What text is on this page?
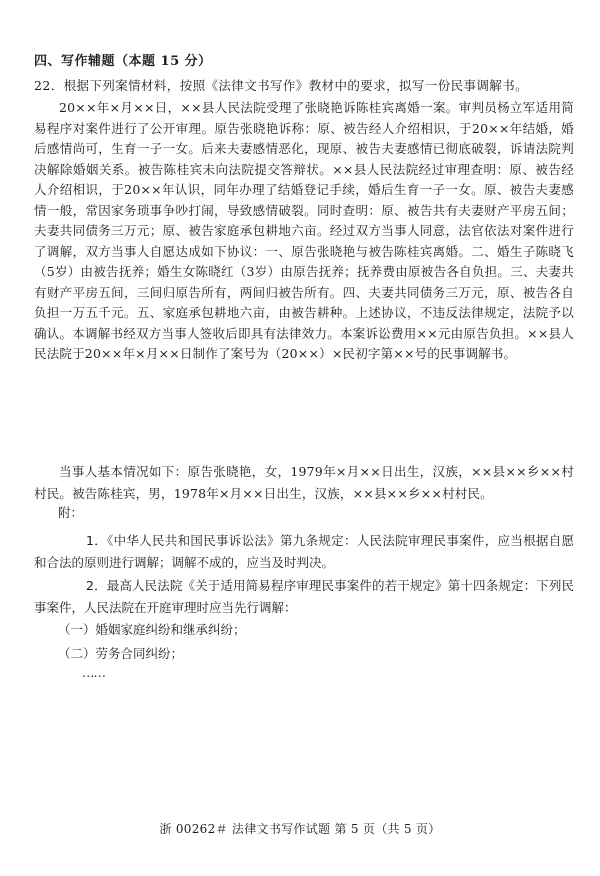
四、写作辅题（本题 15 分）
22．根据下列案情材料，按照《法律文书写作》教材中的要求，拟写一份民事调解书。
20××年×月××日，××县人民法院受理了张晓艳诉陈桂宾离婚一案。审判员杨立军适用简易程序对案件进行了公开审理。原告张晓艳诉称：原、被告经人介绍相识，于20××年结婚，婚后感情尚可，生育一子一女。后来夫妻感情恶化，现原、被告夫妻感情已彻底破裂，诉请法院判决解除婚姻关系。被告陈桂宾未向法院提交答辩状。××县人民法院经过审理查明：原、被告经人介绍相识，于20××年认识，同年办理了结婚登记手续，婚后生育一子一女。原、被告夫妻感情一般，常因家务琐事争吵打闹，导致感情破裂。同时查明：原、被告共有夫妻财产平房五间；夫妻共同债务三万元；原、被告家庭承包耕地六亩。经过双方当事人同意，法官依法对案件进行了调解，双方当事人自愿达成如下协议：一、原告张晓艳与被告陈桂宾离婚。二、婚生子陈晓飞（5岁）由被告抚养；婚生女陈晓红（3岁）由原告抚养；抚养费由原被告各自负担。三、夫妻共有财产平房五间，三间归原告所有，两间归被告所有。四、夫妻共同债务三万元，原、被告各自负担一万五千元。五、家庭承包耕地六亩，由被告耕种。上述协议，不违反法律规定，法院予以确认。本调解书经双方当事人签收后即具有法律效力。本案诉讼费用××元由原告负担。××县人民法院于20××年×月××日制作了案号为（20××）×民初字第××号的民事调解书。
当事人基本情况如下：原告张晓艳，女，1979年×月××日出生，汉族，××县××乡××村村民。被告陈桂宾，男，1978年×月××日出生，汉族，××县××乡××村村民。
附：
1．《中华人民共和国民事诉讼法》第九条规定：人民法院审理民事案件，应当根据自愿和合法的原则进行调解；调解不成的，应当及时判决。
2．最高人民法院《关于适用简易程序审理民事案件的若干规定》第十四条规定：下列民事案件，人民法院在开庭审理时应当先行调解：
（一）婚姻家庭纠纷和继承纠纷；
（二）劳务合同纠纷；
……
浙 00262＃ 法律文书写作试题 第 5 页（共 5 页）
